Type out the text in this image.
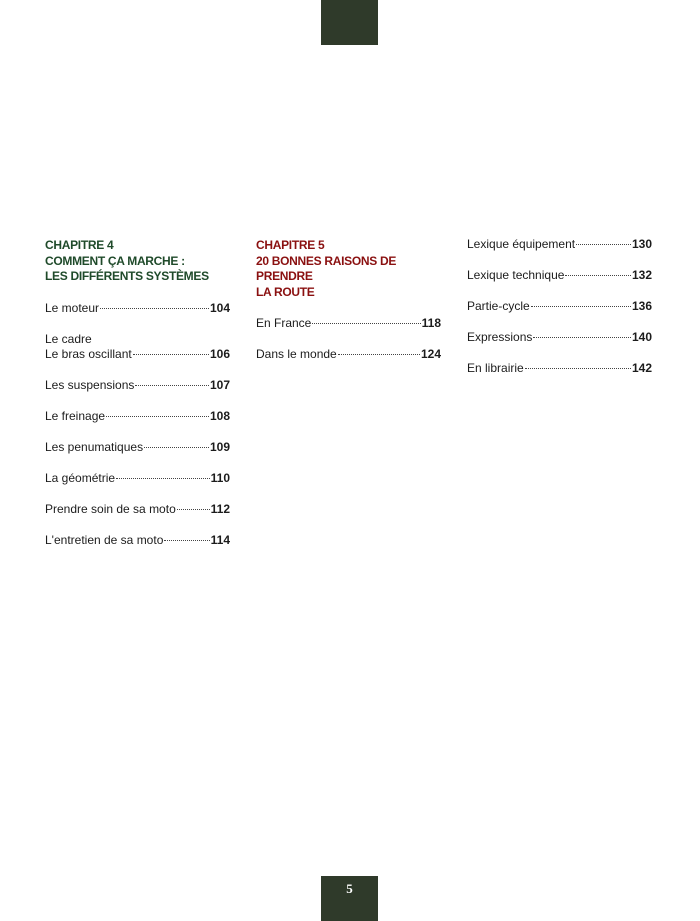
CHAPITRE 4
COMMENT ÇA MARCHE :
LES DIFFÉRENTS SYSTÈMES
Le moteur	104
Le cadre
Le bras oscillant	106
Les suspensions	107
Le freinage	108
Les penumatiques	109
La géométrie	110
Prendre soin de sa moto	112
L'entretien de sa moto	114
CHAPITRE 5
20 BONNES RAISONS DE PRENDRE
LA ROUTE
En France	118
Dans le monde	124
Lexique équipement	130
Lexique technique	132
Partie-cycle	136
Expressions	140
En librairie	142
5
